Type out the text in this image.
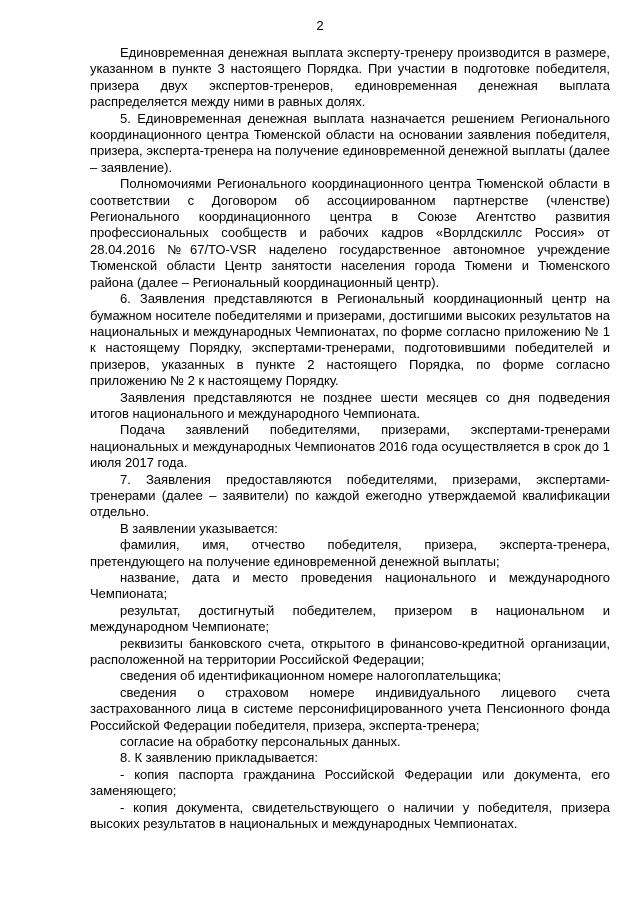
2

Единовременная денежная выплата эксперту-тренеру производится в размере, указанном в пункте 3 настоящего Порядка. При участии в подготовке победителя, призера двух экспертов-тренеров, единовременная денежная выплата распределяется между ними в равных долях.

5. Единовременная денежная выплата назначается решением Регионального координационного центра Тюменской области на основании заявления победителя, призера, эксперта-тренера на получение единовременной денежной выплаты (далее – заявление).

Полномочиями Регионального координационного центра Тюменской области в соответствии с Договором об ассоциированном партнерстве (членстве) Регионального координационного центра в Союзе Агентство развития профессиональных сообществ и рабочих кадров «Ворлдскиллс Россия» от 28.04.2016 №67/ТО-VSR наделено государственное автономное учреждение Тюменской области Центр занятости населения города Тюмени и Тюменского района (далее – Региональный координационный центр).

6. Заявления представляются в Региональный координационный центр на бумажном носителе победителями и призерами, достигшими высоких результатов на национальных и международных Чемпионатах, по форме согласно приложению № 1 к настоящему Порядку, экспертами-тренерами, подготовившими победителей и призеров, указанных в пункте 2 настоящего Порядка, по форме согласно приложению № 2 к настоящему Порядку.

Заявления представляются не позднее шести месяцев со дня подведения итогов национального и международного Чемпионата.

Подача заявлений победителями, призерами, экспертами-тренерами национальных и международных Чемпионатов 2016 года осуществляется в срок до 1 июля 2017 года.

7. Заявления предоставляются победителями, призерами, экспертами-тренерами (далее – заявители) по каждой ежегодно утверждаемой квалификации отдельно.

В заявлении указывается:

фамилия, имя, отчество победителя, призера, эксперта-тренера, претендующего на получение единовременной денежной выплаты;

название, дата и место проведения национального и международного Чемпионата;

результат, достигнутый победителем, призером в национальном и международном Чемпионате;

реквизиты банковского счета, открытого в финансово-кредитной организации, расположенной на территории Российской Федерации;

сведения об идентификационном номере налогоплательщика;

сведения о страховом номере индивидуального лицевого счета застрахованного лица в системе персонифицированного учета Пенсионного фонда Российской Федерации победителя, призера, эксперта-тренера;

согласие на обработку персональных данных.

8. К заявлению прикладывается:

- копия паспорта гражданина Российской Федерации или документа, его заменяющего;

- копия документа, свидетельствующего о наличии у победителя, призера высоких результатов в национальных и международных Чемпионатах.
